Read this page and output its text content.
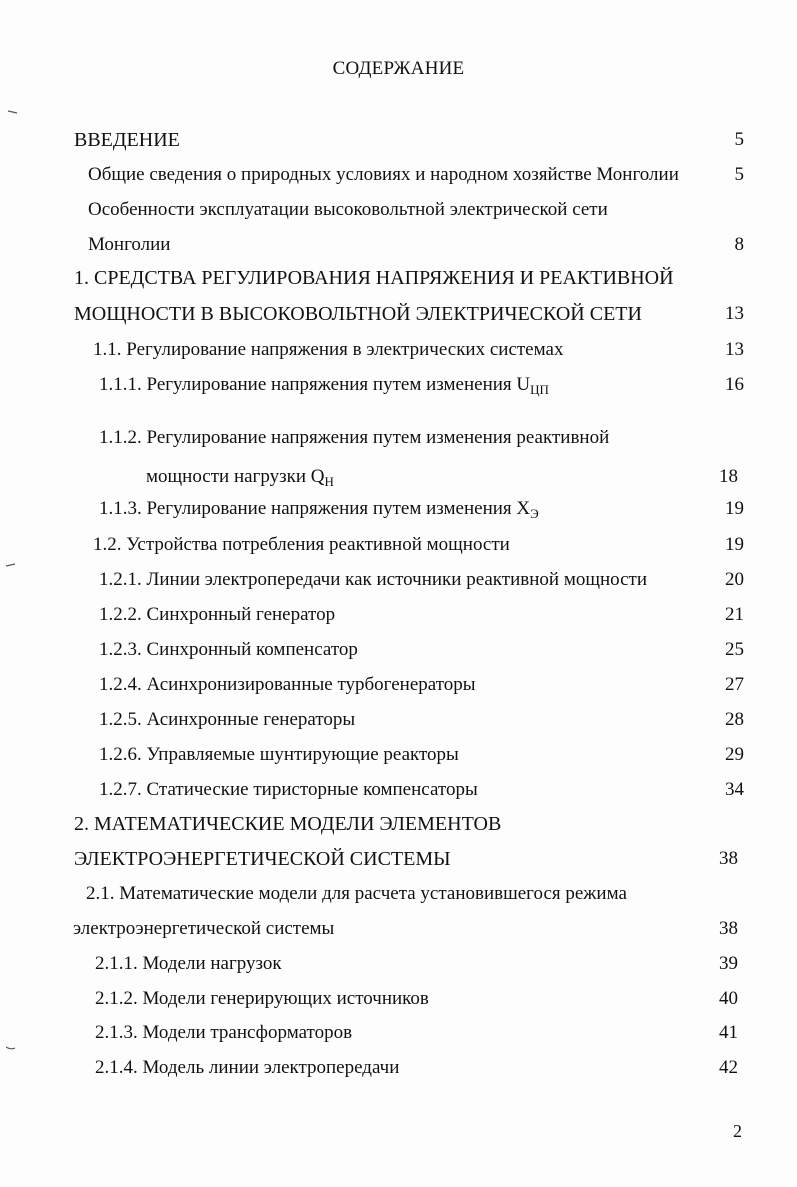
СОДЕРЖАНИЕ
ВВЕДЕНИЕ	5
Общие сведения о природных условиях и народном хозяйстве Монголии	5
Особенности эксплуатации высоковольтной электрической сети
Монголии	8
1. СРЕДСТВА РЕГУЛИРОВАНИЯ НАПРЯЖЕНИЯ И РЕАКТИВНОЙ
МОЩНОСТИ В ВЫСОКОВОЛЬТНОЙ ЭЛЕКТРИЧЕСКОЙ СЕТИ	13
1.1. Регулирование напряжения в электрических системах	13
1.1.1. Регулирование напряжения путем изменения $U_{ЦП}$	16
1.1.2. Регулирование напряжения путем изменения реактивной
мощности нагрузки $Q_Н$	18
1.1.3. Регулирование напряжения путем изменения $X_Э$	19
1.2. Устройства потребления реактивной мощности	19
1.2.1. Линии электропередачи как источники реактивной мощности	20
1.2.2. Синхронный генератор	21
1.2.3. Синхронный компенсатор	25
1.2.4. Асинхронизированные турбогенераторы	27
1.2.5. Асинхронные генераторы	28
1.2.6. Управляемые шунтирующие реакторы	29
1.2.7. Статические тиристорные компенсаторы	34
2. МАТЕМАТИЧЕСКИЕ МОДЕЛИ ЭЛЕМЕНТОВ
ЭЛЕКТРОЭНЕРГЕТИЧЕСКОЙ СИСТЕМЫ	38
2.1. Математические модели для расчета установившегося режима
электроэнергетической системы	38
2.1.1. Модели нагрузок	39
2.1.2. Модели генерирующих источников	40
2.1.3. Модели трансформаторов	41
2.1.4. Модель линии электропередачи	42
2
